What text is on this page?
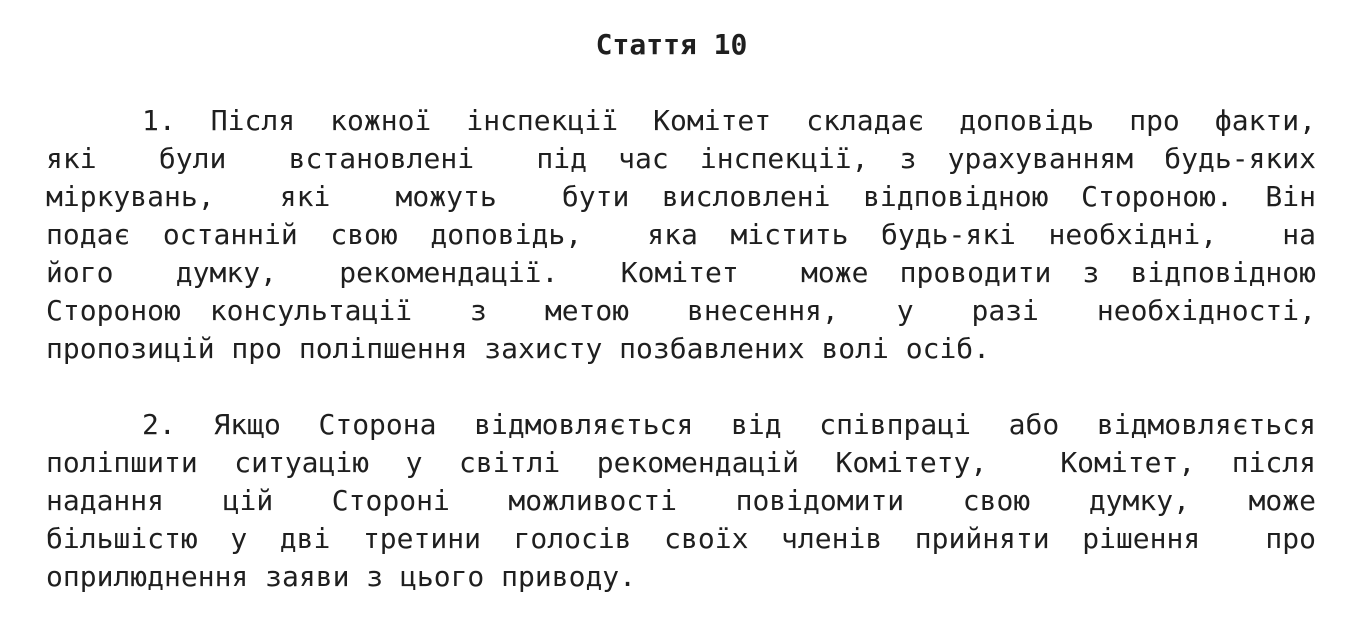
Стаття 10
1. Після кожної інспекції Комітет складає доповідь про факти,
які  були  встановлені  під час інспекції, з урахуванням будь-яких
міркувань,  які  можуть  бути висловлені відповідною Стороною. Він
подає останній свою доповідь,  яка містить будь-які необхідні,  на
його  думку,  рекомендації.  Комітет  може проводити з відповідною
Стороною консультації  з  метою  внесення,  у  разі  необхідності,
пропозицій про поліпшення захисту позбавлених волі осіб.
2. Якщо Сторона відмовляється від співпраці або відмовляється
поліпшити ситуацію у світлі рекомендацій Комітету,  Комітет, після
надання  цій  Стороні  можливості  повідомити  свою  думку,  може
більшістю у дві третини голосів своїх членів прийняти рішення  про
оприлюднення заяви з цього приводу.
